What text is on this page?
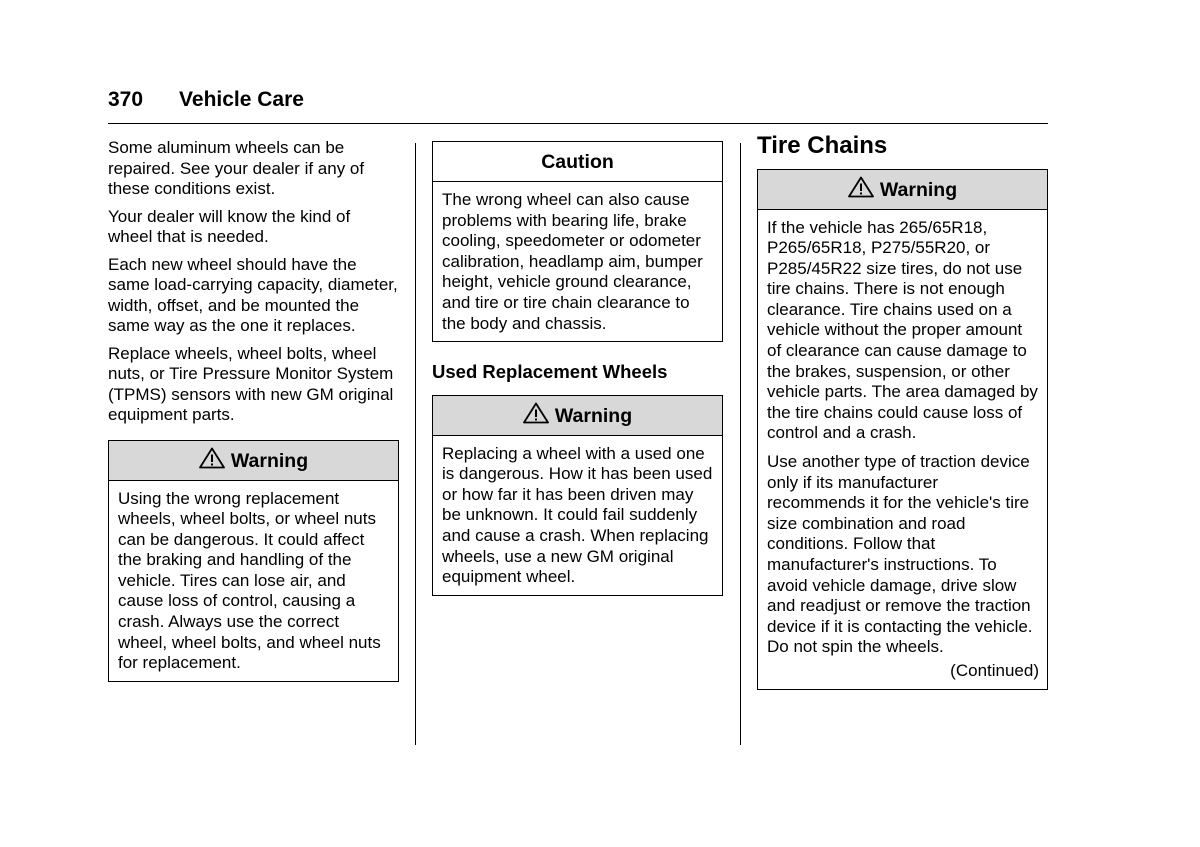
370 Vehicle Care

Some aluminum wheels can be repaired. See your dealer if any of these conditions exist.

Your dealer will know the kind of wheel that is needed.

Each new wheel should have the same load-carrying capacity, diameter, width, offset, and be mounted the same way as the one it replaces.

Replace wheels, wheel bolts, wheel nuts, or Tire Pressure Monitor System (TPMS) sensors with new GM original equipment parts.

Warning
Using the wrong replacement wheels, wheel bolts, or wheel nuts can be dangerous. It could affect the braking and handling of the vehicle. Tires can lose air, and cause loss of control, causing a crash. Always use the correct wheel, wheel bolts, and wheel nuts for replacement.
Caution
The wrong wheel can also cause problems with bearing life, brake cooling, speedometer or odometer calibration, headlamp aim, bumper height, vehicle ground clearance, and tire or tire chain clearance to the body and chassis.

Used Replacement Wheels

Warning
Replacing a wheel with a used one is dangerous. How it has been used or how far it has been driven may be unknown. It could fail suddenly and cause a crash. When replacing wheels, use a new GM original equipment wheel.

Tire Chains

Warning

If the vehicle has 265/65R18, P265/65R18, P275/55R20, or P285/45R22 size tires, do not use tire chains. There is not enough clearance. Tire chains used on a vehicle without the proper amount of clearance can cause damage to the brakes, suspension, or other vehicle parts. The area damaged by the tire chains could cause loss of control and a crash.

Use another type of traction device only if its manufacturer recommends it for the vehicle's tire size combination and road conditions. Follow that manufacturer's instructions. To avoid vehicle damage, drive slow and readjust or remove the traction device if it is contacting the vehicle. Do not spin the wheels.

(Continued)
